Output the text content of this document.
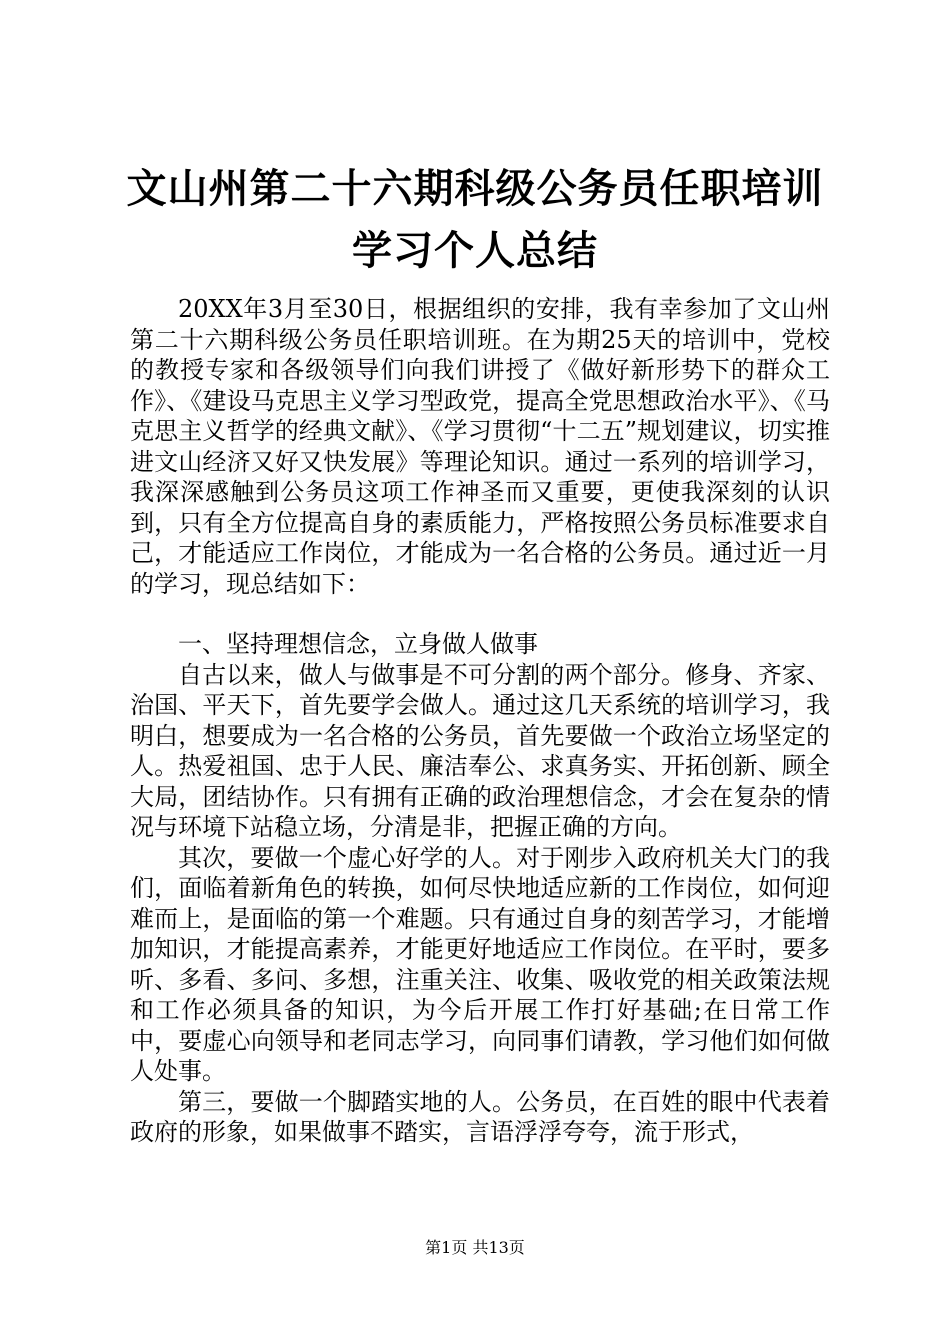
文山州第二十六期科级公务员任职培训学习个人总结

20XX年3月至30日，根据组织的安排，我有幸参加了文山州第二十六期科级公务员任职培训班。在为期25天的培训中，党校的教授专家和各级领导们向我们讲授了《做好新形势下的群众工作》、《建设马克思主义学习型政党，提高全党思想政治水平》、《马克思主义哲学的经典文献》、《学习贯彻“十二五”规划建议，切实推进文山经济又好又快发展》等理论知识。通过一系列的培训学习，我深深感触到公务员这项工作神圣而又重要，更使我深刻的认识到，只有全方位提高自身的素质能力，严格按照公务员标准要求自己，才能适应工作岗位，才能成为一名合格的公务员。通过近一月的学习，现总结如下：

一、坚持理想信念，立身做人做事

自古以来，做人与做事是不可分割的两个部分。修身、齐家、治国、平天下，首先要学会做人。通过这几天系统的培训学习，我明白，想要成为一名合格的公务员，首先要做一个政治立场坚定的人。热爱祖国、忠于人民、廉洁奉公、求真务实、开拓创新、顾全大局，团结协作。只有拥有正确的政治理想信念，才会在复杂的情况与环境下站稳立场，分清是非，把握正确的方向。

其次，要做一个虚心好学的人。对于刚步入政府机关大门的我们，面临着新角色的转换，如何尽快地适应新的工作岗位，如何迎难而上，是面临的第一个难题。只有通过自身的刻苦学习，才能增加知识，才能提高素养，才能更好地适应工作岗位。在平时，要多听、多看、多问、多想，注重关注、收集、吸收党的相关政策法规和工作必须具备的知识，为今后开展工作打好基础;在日常工作中，要虚心向领导和老同志学习，向同事们请教，学习他们如何做人处事。

第三，要做一个脚踏实地的人。公务员，在百姓的眼中代表着政府的形象，如果做事不踏实，言语浮浮夸夸，流于形式，

第1页 共13页
